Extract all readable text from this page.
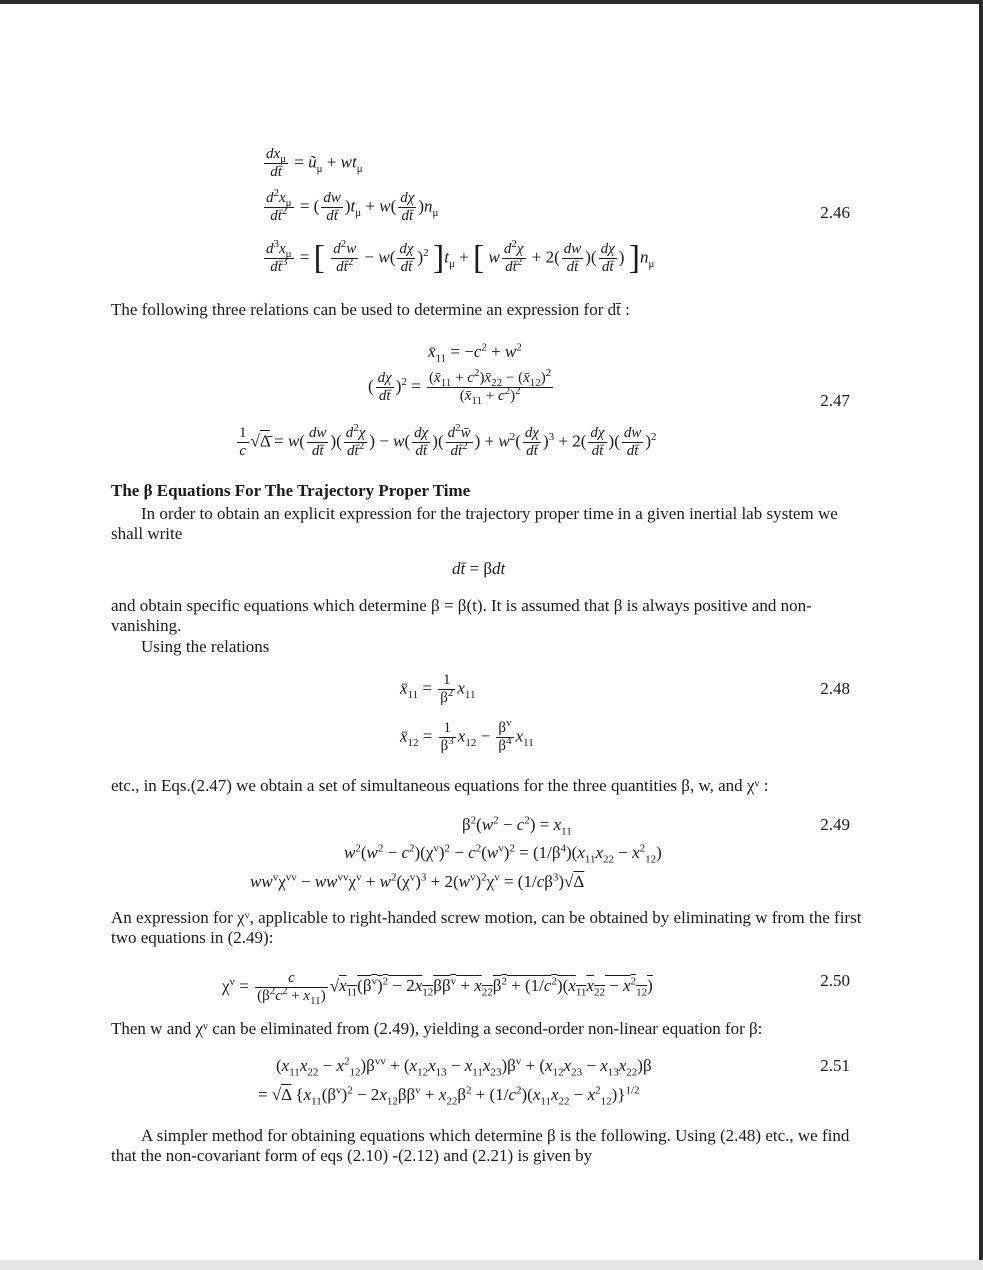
$\frac{dx_\mu}{dt̄}$ = $ũ_\mu + wt_\mu$
$\frac{d^2x_\mu}{dt̄^2}$ = ( $\frac{dw}{dt̄} )t_\mu + w( \frac{d\chi}{dt̄} )n_\mu$	2.46
$\frac{d^3x_\mu}{dt̄^3}$ = [ $\frac{d^2w}{dt̄^2} - w( \frac{d\chi}{dt̄} )^2$ ]$t_\mu$ + [ w $\frac{d^2\chi}{dt̄^2} + 2( \frac{dw}{dt̄}$ )( $\frac{d\chi}{dt̄}$ ) ]$n_\mu$
The following three relations can be used to determine an expression for dt̄ :
$x̄_{11} = -c^2 + w^2$
( $\frac{d\chi}{dt̄} )^2 = \frac{(x̄_{11} + c^2)x̄_{22} - (x̄_{12})^2}{(x̄_{11} + c^2)^2}$	2.47
$\frac{1}{c}$ √Δ̄ = $w( \frac{dw}{dt̄}$ )( $\frac{d^2\chi}{dt̄^2}$ ) − $w( \frac{d\chi}{dt̄}$ )( $\frac{d^2w̄}{dt̄^2}$ ) + $w^2( \frac{d\chi}{dt̄} )^3 + 2( \frac{d\chi}{dt̄}$ )( $\frac{dw}{dt̄} )^2$
The β Equations For The Trajectory Proper Time
In order to obtain an explicit expression for the trajectory proper time in a given inertial lab system we shall write
dt̄ = βdt
and obtain specific equations which determine β = β(t). It is assumed that β is always positive and non-vanishing.
Using the relations
$x̄_{11} = \frac{1}{\beta^2} x_{11}$	2.48
$x̄_{12} = \frac{1}{\beta^3} x_{12} - \frac{\beta^v}{\beta^4} x_{11}$
etc., in Eqs.(2.47) we obtain a set of simultaneous equations for the three quantities β, w, and χᵛ :
$\beta^2(w^2 - c^2) = x_{11}$	2.49
$w^2(w^2 - c^2)(\chi^v)^2 - c^2(w^v)^2 = (1/\beta^4)(x_{11}x_{22} - x^2_{12})$
$ww^v\chi^{vv} - ww^{vv}\chi^v + w^2(\chi^v)^3 + 2(w^v)^2\chi^v = (1/c\beta^3)√\Delta$
An expression for χᵛ, applicable to right-handed screw motion, can be obtained by eliminating w from the first two equations in (2.49):
$\chi^v = \frac{c}{(\beta^2c^2 + x_{11})} √x_{11}(\beta^v)^2 - 2x_{12}\beta\beta^v + x_{22}\beta^2 + (1/c^2)(x_{11}x_{22} - x^2_{12})$	2.50
Then w and χᵛ can be eliminated from (2.49), yielding a second-order non-linear equation for β:
$(x_{11}x_{22} - x^2_{12})\beta^{vv} + (x_{12}x_{13} - x_{11}x_{23})\beta^v + (x_{12}x_{23} - x_{13}x_{22})\beta$	2.51
= √Δ $\{x_{11}(\beta^v)^2 - 2x_{12}\beta\beta^v + x_{22}\beta^2 + (1/c^2)(x_{11}x_{22} - x^2_{12})\}^{1/2}$
A simpler method for obtaining equations which determine β is the following. Using (2.48) etc., we find that the non-covariant form of eqs (2.10) -(2.12) and (2.21) is given by
